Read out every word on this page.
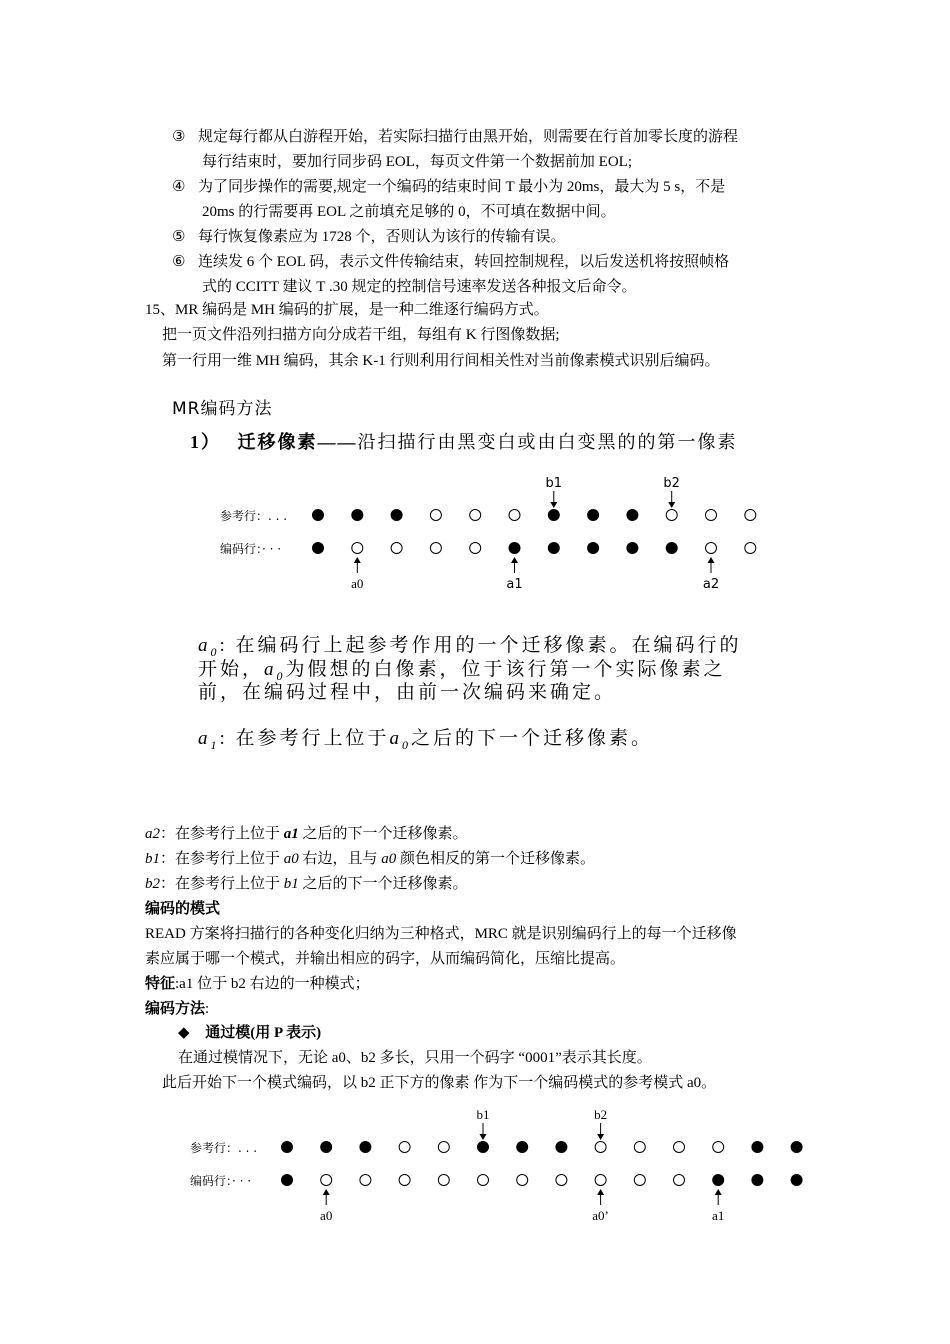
③ 规定每行都从白游程开始，若实际扫描行由黑开始，则需要在行首加零长度的游程
每行结束时，要加行同步码 EOL，每页文件第一个数据前加 EOL;
④ 为了同步操作的需要,规定一个编码的结束时间 T 最小为 20ms，最大为 5 s，不是
20ms 的行需要再 EOL 之前填充足够的 0，不可填在数据中间。
⑤ 每行恢复像素应为 1728 个，否则认为该行的传输有误。
⑥ 连续发 6 个 EOL 码，表示文件传输结束，转回控制规程，以后发送机将按照帧格
式的 CCITT 建议 T .30 规定的控制信号速率发送各种报文后命令。
15、MR 编码是 MH 编码的扩展，是一种二维逐行编码方式。
把一页文件沿列扫描方向分成若干组，每组有 K 行图像数据;
第一行用一维 MH 编码，其余 K-1 行则利用行间相关性对当前像素模式识别后编码。
MR编码方法
1） 迁移像素——沿扫描行由黑变白或由白变黑的的第一像素
参考行：. . .
编码行：· · ·
b1	b2
a0	a1	a2
$a_0$: 在编码行上起参考作用的一个迁移像素。在编码行的
开始，$a_0$为假想的白像素，位于该行第一个实际像素之
前，在编码过程中，由前一次编码来确定。
$a_1$: 在参考行上位于$a_0$之后的下一个迁移像素。
a2：在参考行上位于 a1 之后的下一个迁移像素。
b1：在参考行上位于 a0 右边，且与 a0 颜色相反的第一个迁移像素。
b2：在参考行上位于 b1 之后的下一个迁移像素。
编码的模式
READ 方案将扫描行的各种变化归纳为三种格式，MRC 就是识别编码行上的每一个迁移像
素应属于哪一个模式，并输出相应的码字，从而编码简化，压缩比提高。
特征:a1 位于 b2 右边的一种模式；
编码方法:
◆ 通过模(用 P 表示)
在通过模情况下，无论 a0、b2 多长，只用一个码字 “0001”表示其长度。
此后开始下一个模式编码，以 b2 正下方的像素 作为下一个编码模式的参考模式 a0。
参考行：. . .
编码行：· · ·
b1	b2
a0	a0’	a1
